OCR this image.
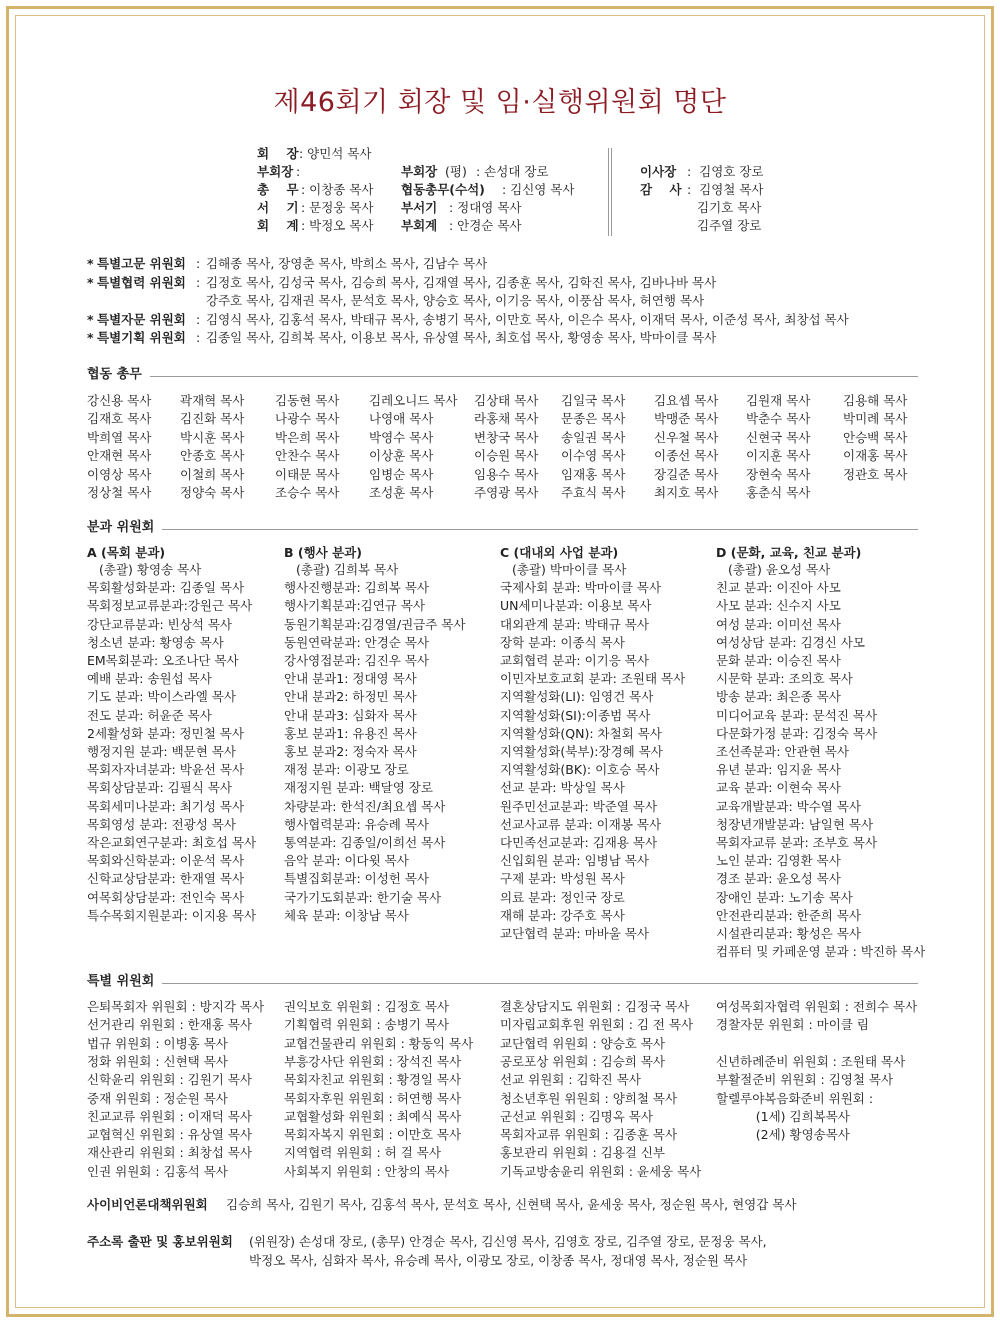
제46회기 회장 및 임·실행위원회 명단
회    장
: 양민석 목사
부회장
:
총    무
: 이창종 목사
서    기
: 문정웅 목사
회    계
: 박정오 목사
부회장 (평) : 손성대 장로
협동총무(수석) : 김신영 목사
부서기 : 정대영 목사
부회계 : 안경순 목사
이사장 :  김영호 장로
감    사 :  김영철 목사
김기호 목사
김주열 장로
* 특별고문 위원회 : 김해종 목사, 장영춘 목사, 박희소 목사, 김남수 목사
* 특별협력 위원회 : 김정호 목사, 김성국 목사, 김승희 목사, 김재열 목사, 김종훈 목사, 김학진 목사, 김바나바 목사
강주호 목사, 김재권 목사, 문석호 목사, 양승호 목사, 이기응 목사, 이풍삼 목사, 허연행 목사
* 특별자문 위원회 : 김영식 목사, 김홍석 목사, 박태규 목사, 송병기 목사, 이만호 목사, 이은수 목사, 이재덕 목사, 이준성 목사, 최창섭 목사
* 특별기획 위원회 : 김종일 목사, 김희복 목사, 이용보 목사, 유상열 목사, 최호섭 목사, 황영송 목사, 박마이클 목사
협동 총무
강신용 목사 곽재혁 목사 김동현 목사 김레오니드 목사 김상태 목사 김일국 목사 김요셉 목사 김원재 목사	김용해 목사
김재호 목사 김진화 목사 나광수 목사 나영애 목사	라홍채 목사 문종은 목사 박맹준 목사 박춘수 목사	박미례 목사
박희열 목사 박시훈 목사 박은희 목사 박영수 목사	변창국 목사 송일권 목사 신우철 목사 신현국 목사	안승백 목사
안재현 목사 안종호 목사 안찬수 목사 이상훈 목사	이승원 목사 이수영 목사 이종선 목사 이지훈 목사	이재홍 목사
이영상 목사 이철희 목사 이태문 목사 임병순 목사	임용수 목사 임재홍 목사 장길준 목사 장현숙 목사	정관호 목사
정상철 목사 정양숙 목사 조승수 목사 조성훈 목사	주영광 목사 주효식 목사 최지호 목사 홍춘식 목사
분과 위원회
A (목회 분과)
(총괄) 황영송 목사
목회활성화분과: 김종일 목사
목회정보교류분과:강원근 목사
강단교류분과: 빈상석 목사
청소년 분과: 황영송 목사
EM목회분과: 오조나단 목사
예배 분과: 송원섭 목사
기도 분과: 박이스라엘 목사
전도 분과: 허윤준 목사
2세활성화 분과: 정민철 목사
행정지원 분과: 백문현 목사
목회자자녀분과: 박윤선 목사
목회상담분과: 김필식 목사
목회세미나분과: 최기성 목사
목회영성 분과: 전광성 목사
작은교회연구분과: 최호섭 목사
목회와신학분과: 이운석 목사
신학교상담분과: 한재열 목사
여목회상담분과: 전인숙 목사
특수목회지원분과: 이지용 목사
B (행사 분과)
(총괄) 김희복 목사
행사진행분과: 김희복 목사
행사기획분과:김연규 목사
동원기획분과:김경열/권금주 목사
동원연락분과: 안경순 목사
강사영접분과: 김진우 목사
안내 분과1: 정대영 목사
안내 분과2: 하정민 목사
안내 분과3: 심화자 목사
홍보 분과1: 유용진 목사
홍보 분과2: 정숙자 목사
재정 분과: 이광모 장로
재정지원 분과: 백달영 장로
차량분과: 한석진/최요셉 목사
행사협력분과: 유승례 목사
통역분과: 김종일/이희선 목사
음악 분과: 이다윗 목사
특별집회분과: 이성헌 목사
국가기도회분과: 한기술 목사
체육 분과: 이창남 목사
C (대내외 사업 분과)
(총괄) 박마이클 목사
국제사회 분과: 박마이클 목사
UN세미나분과: 이용보 목사
대외관계 분과: 박태규 목사
장학 분과: 이종식 목사
교회협력 분과: 이기응 목사
이민자보호교회 분과: 조원태 목사
지역활성화(LI): 임영건 목사
지역활성화(SI):이종범 목사
지역활성화(QN): 차철회 목사
지역활성화(북부):장경혜 목사
지역활성화(BK): 이호승 목사
선교 분과: 박상일 목사
원주민선교분과: 박준열 목사
선교사교류 분과: 이재봉 목사
다민족선교분과: 김재용 목사
신입회원 분과: 임병남 목사
구제 분과: 박성원 목사
의료 분과: 정인국 장로
재해 분과: 강주호 목사
교단협력 분과: 마바울 목사
D (문화, 교육, 친교 분과)
(총괄) 윤오성 목사
친교 분과: 이진아 사모
사모 분과: 신수지 사모
여성 분과: 이미선 목사
여성상담 분과: 김경신 사모
문화 분과: 이승진 목사
시문학 분과: 조의호 목사
방송 분과: 최은종 목사
미디어교육 분과: 문석진 목사
다문화가정 분과: 김정숙 목사
조선족분과: 안관현 목사
유년 분과: 임지윤 목사
교육 분과: 이현숙 목사
교육개발분과: 박수열 목사
청장년개발분과: 남일현 목사
목회자교류 분과: 조부호 목사
노인 분과: 김영환 목사
경조 분과: 윤오성 목사
장애인 분과: 노기송 목사
안전관리분과: 한준희 목사
시설관리분과: 황성은 목사
컴퓨터 및 카페운영 분과 : 박진하 목사
특별 위원회
은퇴목회자 위원회 : 방지각 목사
선거관리 위원회 : 한재홍 목사
법규 위원회 : 이병홍 목사
정화 위원회 : 신현택 목사
신학윤리 위원회 : 김원기 목사
중재 위원회 : 정순원 목사
친교교류 위원회 : 이재덕 목사
교협혁신 위원회 : 유상열 목사
재산관리 위원회 : 최창섭 목사
인권 위원회 : 김홍석 목사
권익보호 위원회 : 김정호 목사
기획협력 위원회 : 송병기 목사
교협건물관리 위원회 : 황동익 목사
부흥강사단 위원회 : 장석진 목사
목회자친교 위원회 : 황경일 목사
목회자후원 위원회 : 허연행 목사
교협활성화 위원회 : 최예식 목사
목회자복지 위원회 : 이만호 목사
지역협력 위원회 : 허 걸 목사
사회복지 위원회 : 안창의 목사
결혼상담지도 위원회 : 김정국 목사
미자립교회후원 위원회 : 김 전 목사
교단협력 위원회 : 양승호 목사
공로포상 위원회 : 김승희 목사
선교 위원회 : 김학진 목사
청소년후원 위원회 : 양희철 목사
군선교 위원회 : 김명옥 목사
목회자교류 위원회 : 김종훈 목사
홍보관리 위원회 : 김용걸 신부
기독교방송윤리 위원회 : 윤세웅 목사
여성목회자협력 위원회 : 전희수 목사
경찰자문 위원회 : 마이클 림
신년하례준비 위원회 : 조원태 목사
부활절준비 위원회 : 김영철 목사
할렐루야복음화준비 위원회 :
(1세) 김희복목사
(2세) 황영송목사
사이비언론대책위원회 김승희 목사, 김원기 목사, 김홍석 목사, 문석호 목사, 신현택 목사, 윤세웅 목사, 정순원 목사, 현영갑 목사
주소록 출판 및 홍보위원회 (위원장) 손성대 장로, (총무) 안경순 목사, 김신영 목사, 김영호 장로, 김주열 장로, 문정웅 목사,
박정오 목사, 심화자 목사, 유승례 목사, 이광모 장로, 이창종 목사, 정대영 목사, 정순원 목사
